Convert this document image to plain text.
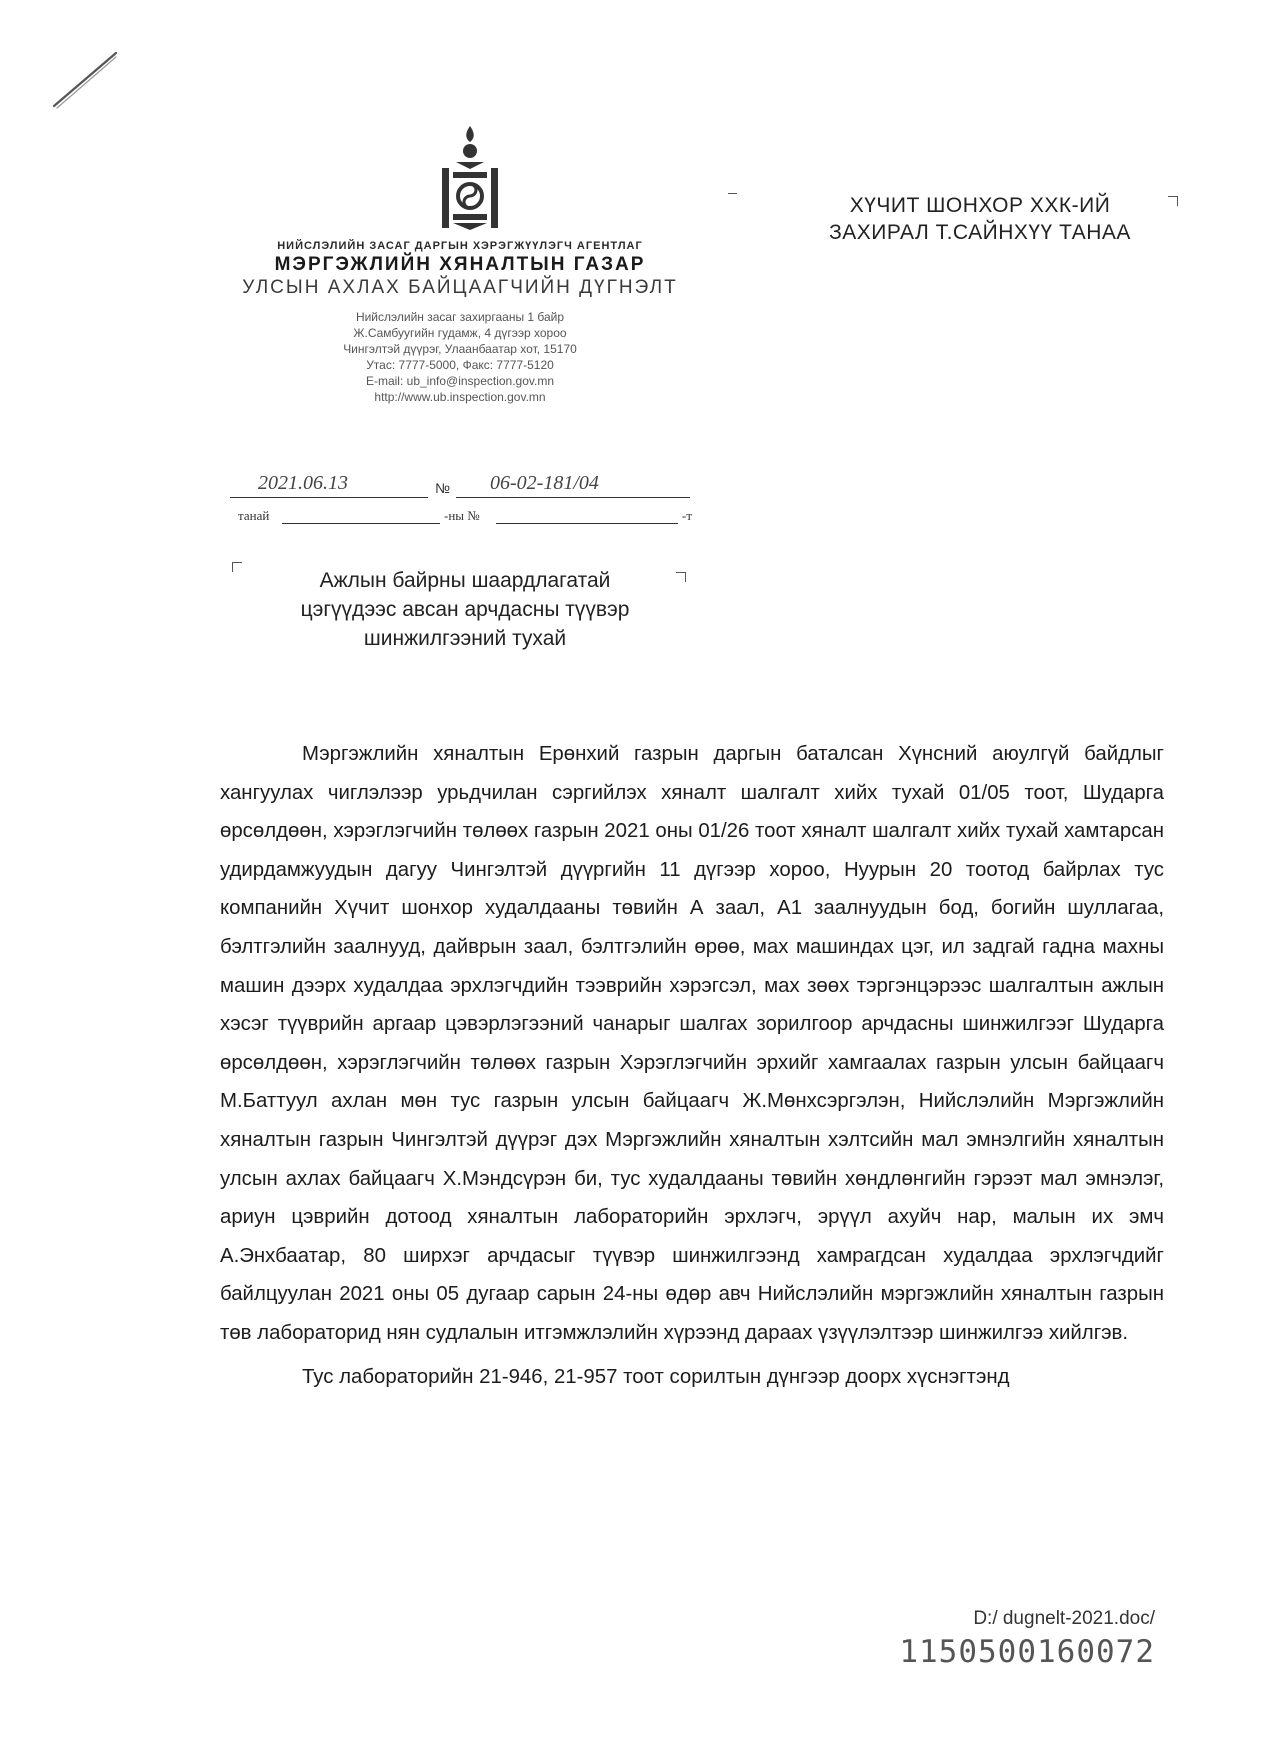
НИЙСЛЭЛИЙН ЗАСАГ ДАРГЫН ХЭРЭГЖҮҮЛЭГЧ АГЕНТЛАГ
МЭРГЭЖЛИЙН ХЯНАЛТЫН ГАЗАР
УЛСЫН АХЛАХ БАЙЦААГЧИЙН ДҮГНЭЛТ
Нийслэлийн засаг захиргааны 1 байр
Ж.Самбуугийн гудамж, 4 дүгээр хороо
Чингэлтэй дүүрэг, Улаанбаатар хот, 15170
Утас: 7777-5000, Факс: 7777-5120
E-mail: ub_info@inspection.gov.mn
http://www.ub.inspection.gov.mn
2021.06.13	№ 06-02-181/04
танай	-ны №	-т
ХҮЧИТ ШОНХОР ХХК-ИЙ
ЗАХИРАЛ Т.САЙНХҮҮ ТАНАА
Ажлын байрны шаардлагатай
цэгүүдээс авсан арчдасны түүвэр
шинжилгээний тухай

Мэргэжлийн хяналтын Ерөнхий газрын даргын баталсан Хүнсний аюулгүй байдлыг хангуулах чиглэлээр урьдчилан сэргийлэх хяналт шалгалт хийх тухай 01/05 тоот, Шударга өрсөлдөөн, хэрэглэгчийн төлөөх газрын 2021 оны 01/26 тоот хяналт шалгалт хийх тухай хамтарсан удирдамжуудын дагуу Чингэлтэй дүүргийн 11 дүгээр хороо, Нуурын 20 тоотод байрлах тус компанийн Хүчит шонхор худалдааны төвийн А заал, А1 заалнуудын бод, богийн шуллагаа, бэлтгэлийн заалнууд, дайврын заал, бэлтгэлийн өрөө, мах машиндах цэг, ил задгай гадна махны машин дээрх худалдаа эрхлэгчдийн тээврийн хэрэгсэл, мах зөөх тэргэнцэрээс шалгалтын ажлын хэсэг түүврийн аргаар цэвэрлэгээний чанарыг шалгах зорилгоор арчдасны шинжилгээг Шударга өрсөлдөөн, хэрэглэгчийн төлөөх газрын Хэрэглэгчийн эрхийг хамгаалах газрын улсын байцаагч М.Баттуул ахлан мөн тус газрын улсын байцаагч Ж.Мөнхсэргэлэн, Нийслэлийн Мэргэжлийн хяналтын газрын Чингэлтэй дүүрэг дэх Мэргэжлийн хяналтын хэлтсийн мал эмнэлгийн хяналтын улсын ахлах байцаагч Х.Мэндсүрэн би, тус худалдааны төвийн хөндлөнгийн гэрээт мал эмнэлэг, ариун цэврийн дотоод хяналтын лабораторийн эрхлэгч, эрүүл ахуйч нар, малын их эмч А.Энхбаатар, 80 ширхэг арчдасыг түүвэр шинжилгээнд хамрагдсан худалдаа эрхлэгчдийг байлцуулан 2021 оны 05 дугаар сарын 24-ны өдөр авч Нийслэлийн мэргэжлийн хяналтын газрын төв лабораторид нян судлалын итгэмжлэлийн хүрээнд дараах үзүүлэлтээр шинжилгээ хийлгэв.

Тус лабораторийн 21-946, 21-957 тоот сорилтын дүнгээр доорх хүснэгтэнд

D:/ dugnelt-2021.doc/
1150500160072
